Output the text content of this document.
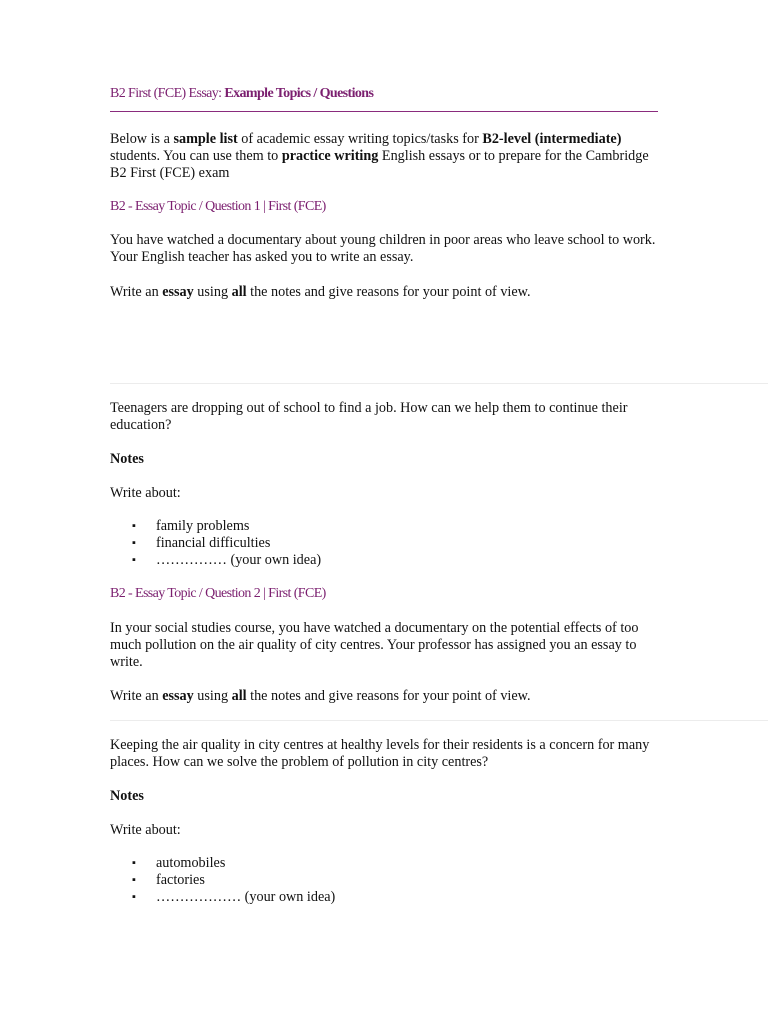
B2 First (FCE) Essay: Example Topics / Questions

Below is a sample list of academic essay writing topics/tasks for B2-level (intermediate) students. You can use them to practice writing English essays or to prepare for the Cambridge B2 First (FCE) exam

B2 - Essay Topic / Question 1 | First (FCE)

You have watched a documentary about young children in poor areas who leave school to work. Your English teacher has asked you to write an essay.

Write an essay using all the notes and give reasons for your point of view.

Teenagers are dropping out of school to find a job. How can we help them to continue their education?

Notes

Write about:

▪ family problems
▪ financial difficulties
▪ …………… (your own idea)

B2 - Essay Topic / Question 2 | First (FCE)

In your social studies course, you have watched a documentary on the potential effects of too much pollution on the air quality of city centres. Your professor has assigned you an essay to write.

Write an essay using all the notes and give reasons for your point of view.

Keeping the air quality in city centres at healthy levels for their residents is a concern for many places. How can we solve the problem of pollution in city centres?

Notes

Write about:

▪ automobiles
▪ factories
▪ ……………… (your own idea)
